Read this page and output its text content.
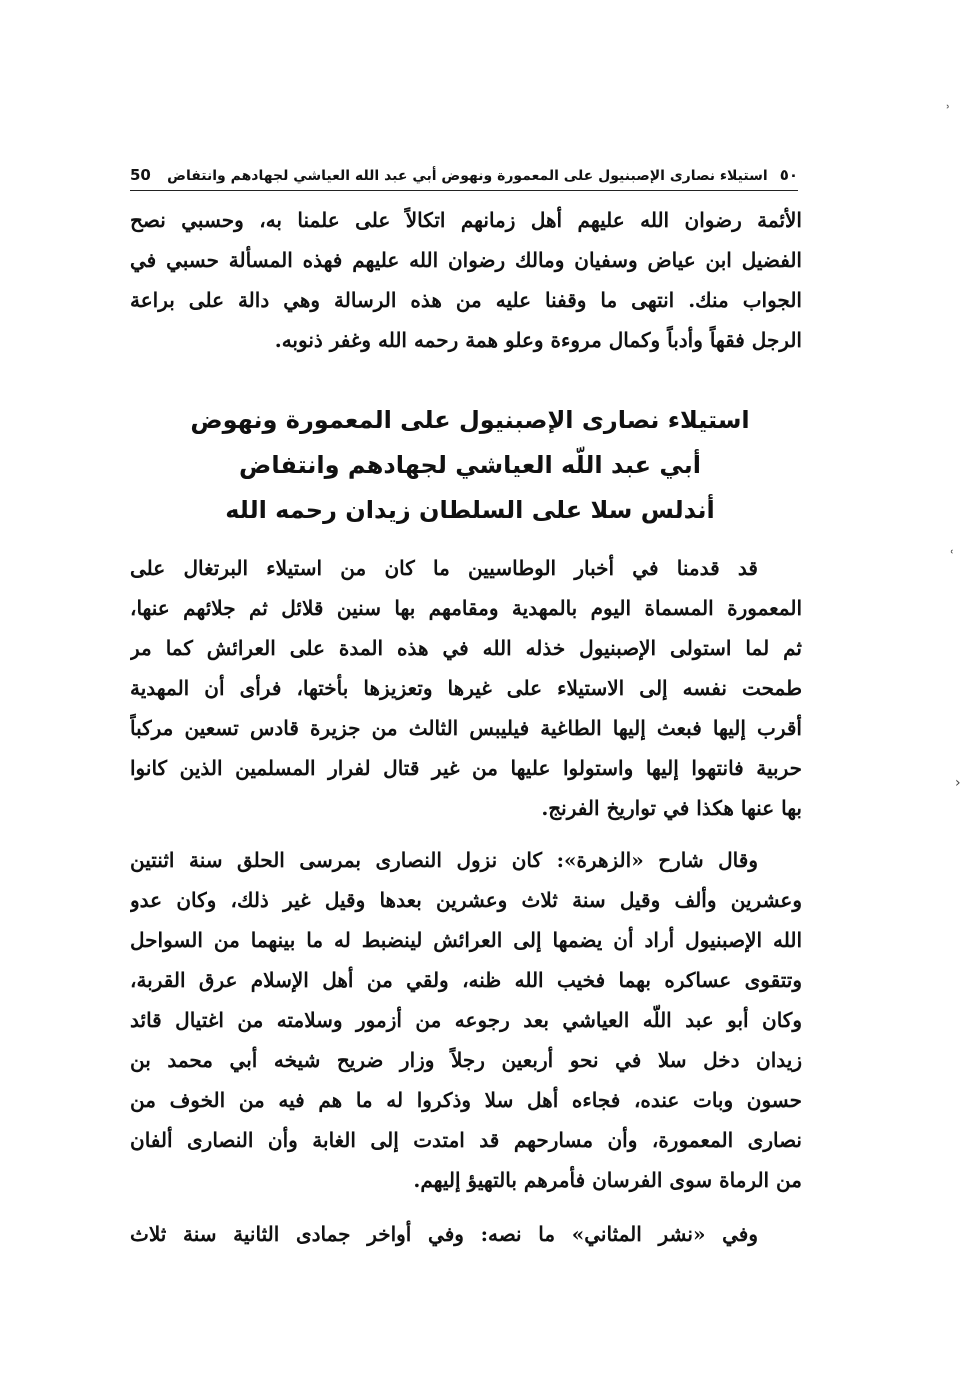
50	استيلاء نصارى الإصبنيول على المعمورة ونهوض أبي عبد الله العياشي لجهادهم وانتفاض ٥٠
الأئمة رضوان الله عليهم أهل زمانهم اتكالاً على علمنا به، وحسبي نصح
الفضيل ابن عياض وسفيان ومالك رضوان الله عليهم فهذه المسألة حسبي في
الجواب منك. انتهى ما وقفنا عليه من هذه الرسالة وهي دالة على براعة
الرجل فقهاً وأدباً وكمال مروءة وعلو همة رحمه الله وغفر ذنوبه.
استيلاء نصارى الإصبنيول على المعمورة ونهوض
أبي عبد اللّه العياشي لجهادهم وانتفاض
أندلس سلا على السلطان زيدان رحمه الله
قد قدمنا في أخبار الوطاسيين ما كان من استيلاء البرتغال على
المعمورة المسماة اليوم بالمهدية ومقامهم بها سنين قلائل ثم جلائهم عنها،
ثم لما استولى الإصبنيول خذله الله في هذه المدة على العرائش كما مر
طمحت نفسه إلى الاستيلاء على غيرها وتعزيزها بأختها، فرأى أن المهدية
أقرب إليها فبعث إليها الطاغية فيليبس الثالث من جزيرة قادس تسعين مركباً
حربية فانتهوا إليها واستولوا عليها من غير قتال لفرار المسلمين الذين كانوا
بها عنها هكذا في تواريخ الفرنج.
وقال شارح «الزهرة»: كان نزول النصارى بمرسى الحلق سنة اثنتين
وعشرين وألف وقيل سنة ثلاث وعشرين بعدها وقيل غير ذلك، وكان عدو
الله الإصبنيول أراد أن يضمها إلى العرائش لينضبط له ما بينهما من السواحل
وتتقوى عساكره بهما فخيب الله ظنه، ولقي من أهل الإسلام عرق القربة،
وكان أبو عبد اللّه العياشي بعد رجوعه من أزمور وسلامته من اغتيال قائد
زيدان دخل سلا في نحو أربعين رجلاً وزار ضريح شيخه أبي محمد بن
حسون وبات عنده، فجاءه أهل سلا وذكروا له ما هم فيه من الخوف من
نصارى المعمورة، وأن مسارحهم قد امتدت إلى الغابة وأن النصارى ألفان
من الرماة سوى الفرسان فأمرهم بالتهيؤ إليهم.
وفي «نشر المثاني» ما نصه: وفي أواخر جمادى الثانية سنة ثلاث
˒
˓
›
